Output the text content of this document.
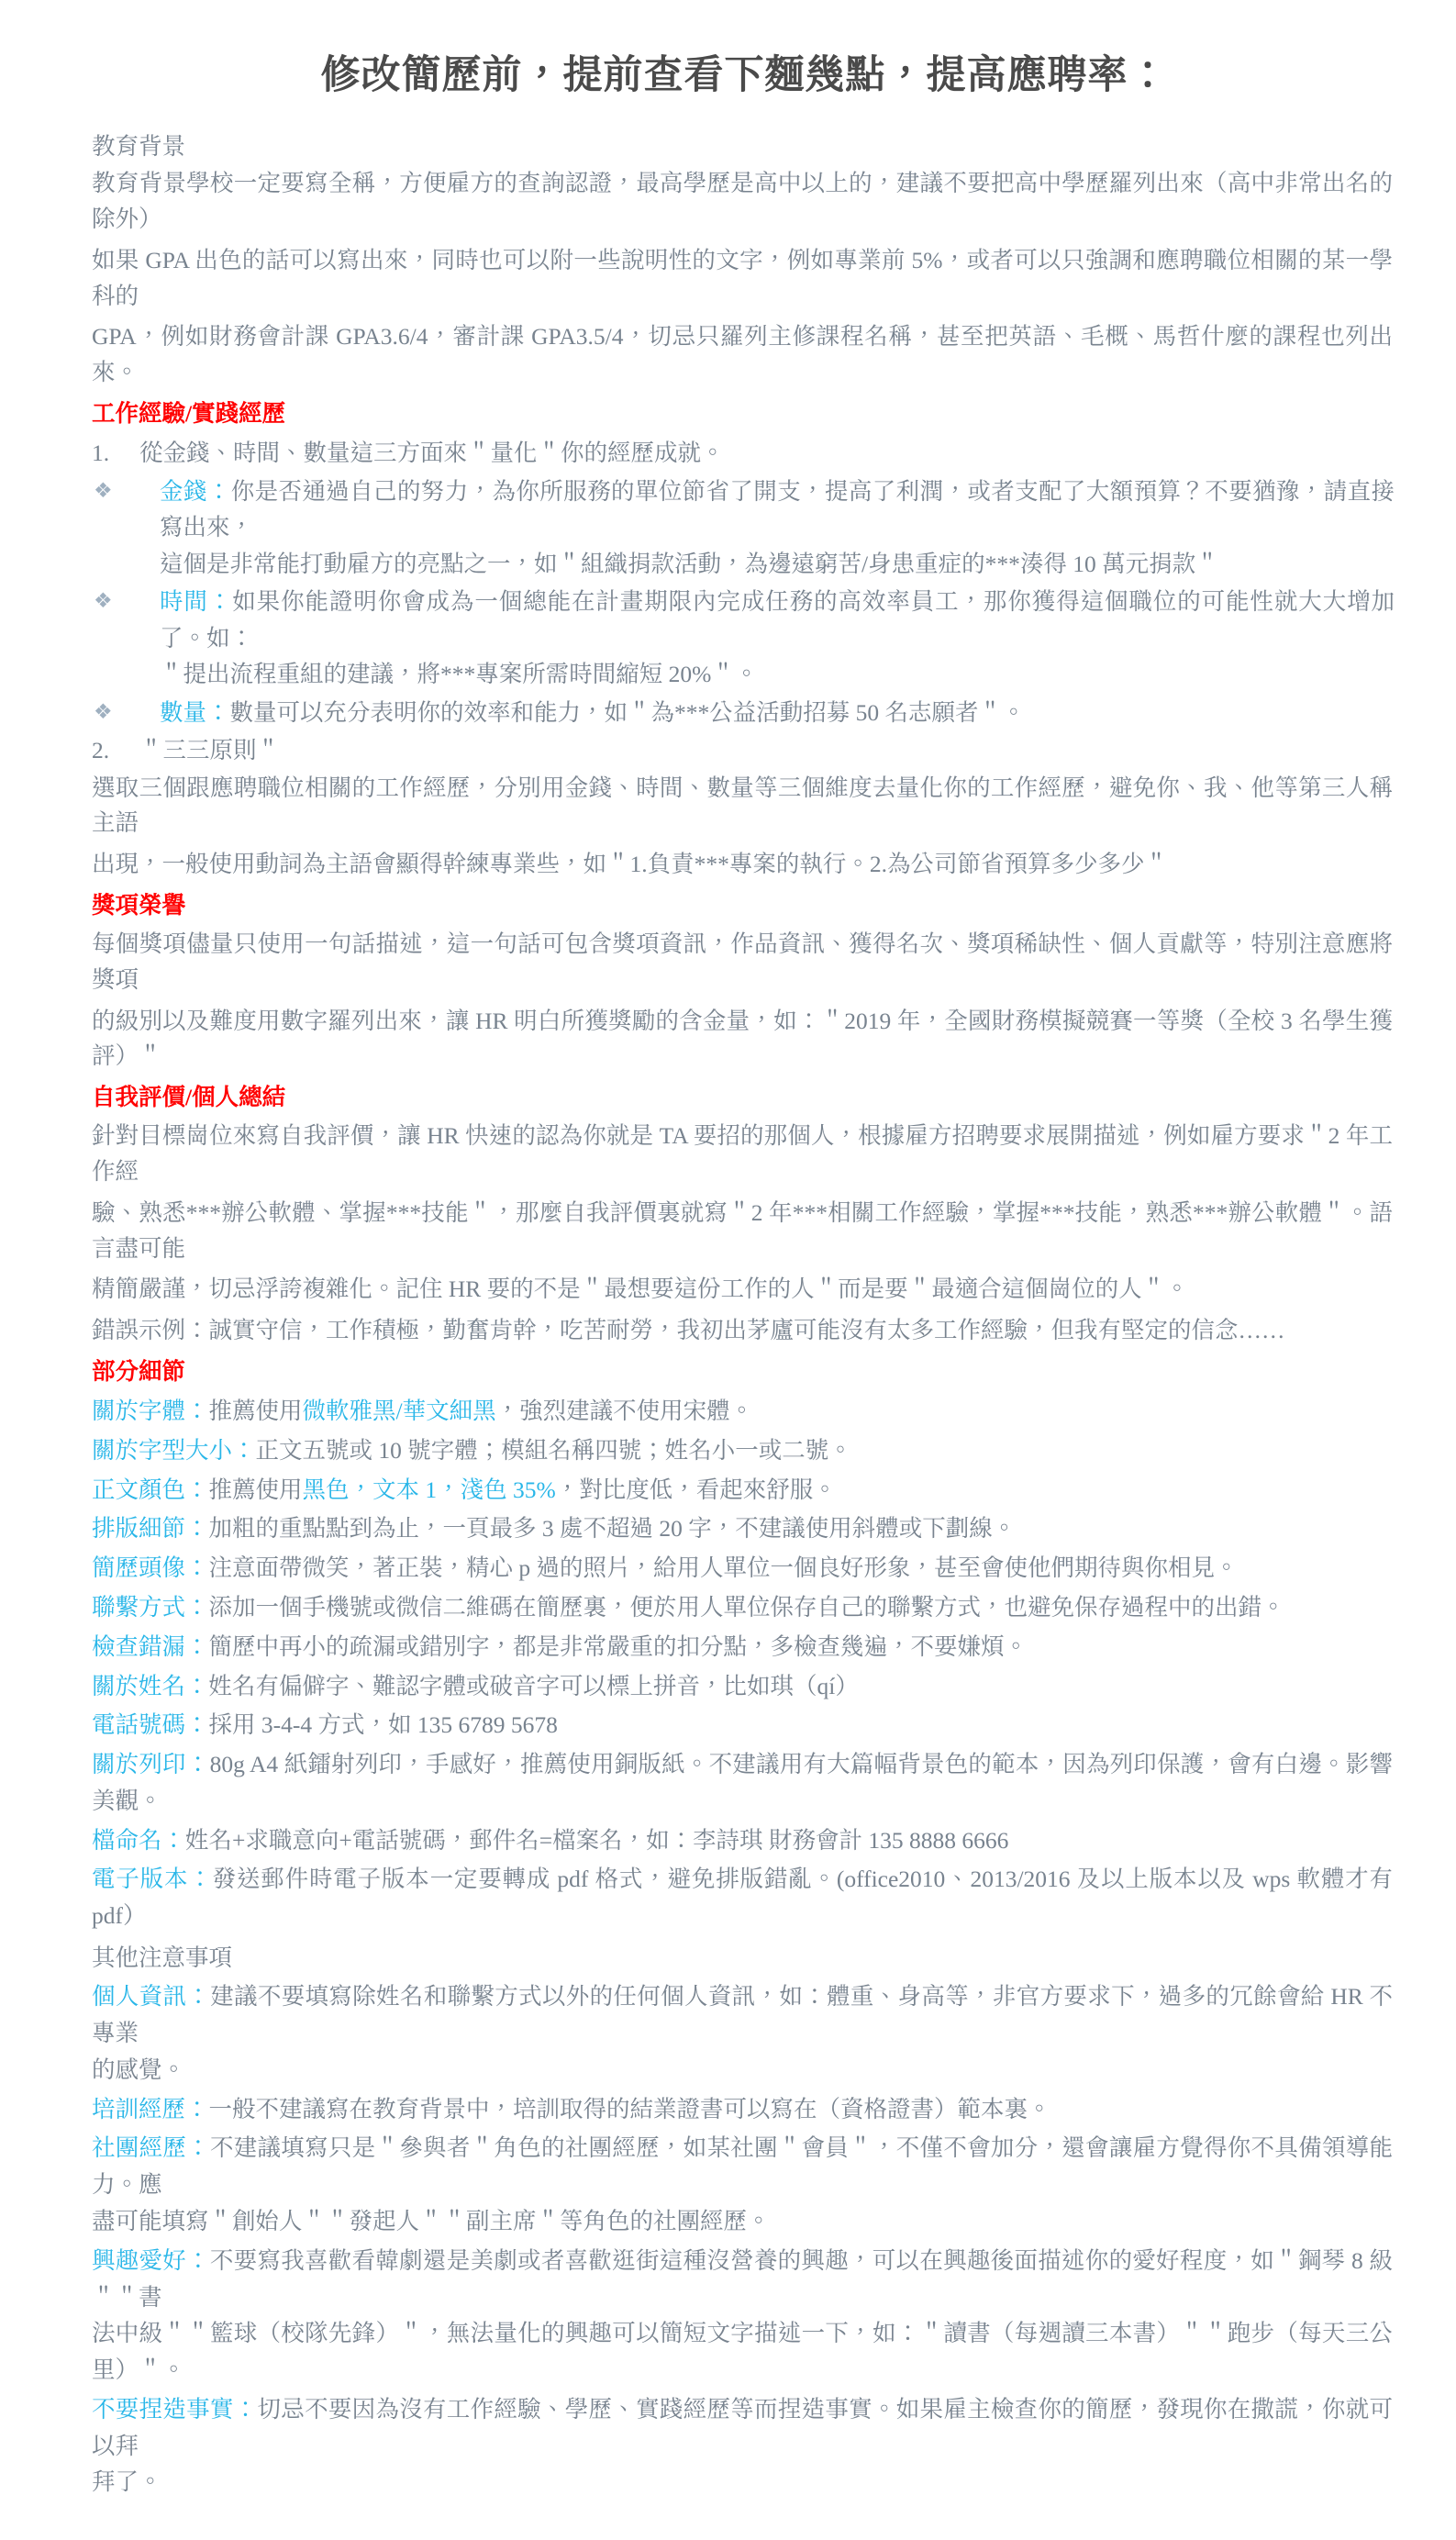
修改簡歷前，提前查看下麵幾點，提高應聘率：
教育背景

教育背景學校一定要寫全稱，方便雇方的查詢認證，最高學歷是高中以上的，建議不要把高中學歷羅列出來（高中非常出名的除外）

如果 GPA 出色的話可以寫出來，同時也可以附一些說明性的文字，例如專業前 5%，或者可以只強調和應聘職位相關的某一學科的

GPA，例如財務會計課 GPA3.6/4，審計課 GPA3.5/4，切忌只羅列主修課程名稱，甚至把英語、毛概、馬哲什麼的課程也列出來。

工作經驗/實踐經歷
1.	從金錢、時間、數量這三方面來＂量化＂你的經歷成就。
❖	金錢：你是否通過自己的努力，為你所服務的單位節省了開支，提高了利潤，或者支配了大額預算？不要猶豫，請直接寫出來，
這個是非常能打動雇方的亮點之一，如＂組織捐款活動，為邊遠窮苦/身患重症的***湊得 10 萬元捐款＂
❖	時間：如果你能證明你會成為一個總能在計畫期限內完成任務的高效率員工，那你獲得這個職位的可能性就大大增加了。如：
＂提出流程重組的建議，將***專案所需時間縮短 20%＂。
❖	數量：數量可以充分表明你的效率和能力，如＂為***公益活動招募 50 名志願者＂。
2.	＂三三原則＂

選取三個跟應聘職位相關的工作經歷，分別用金錢、時間、數量等三個維度去量化你的工作經歷，避免你、我、他等第三人稱主語

出現，一般使用動詞為主語會顯得幹練專業些，如＂1.負責***專案的執行。2.為公司節省預算多少多少＂

獎項榮譽

每個獎項儘量只使用一句話描述，這一句話可包含獎項資訊，作品資訊、獲得名次、獎項稀缺性、個人貢獻等，特別注意應將獎項

的級別以及難度用數字羅列出來，讓 HR 明白所獲獎勵的含金量，如：＂2019 年，全國財務模擬競賽一等獎（全校 3 名學生獲評）＂

自我評價/個人總結

針對目標崗位來寫自我評價，讓 HR 快速的認為你就是 TA 要招的那個人，根據雇方招聘要求展開描述，例如雇方要求＂2 年工作經

驗、熟悉***辦公軟體、掌握***技能＂，那麼自我評價裏就寫＂2 年***相關工作經驗，掌握***技能，熟悉***辦公軟體＂。語言盡可能

精簡嚴謹，切忌浮誇複雜化。記住 HR 要的不是＂最想要這份工作的人＂而是要＂最適合這個崗位的人＂。

錯誤示例：誠實守信，工作積極，勤奮肯幹，吃苦耐勞，我初出茅廬可能沒有太多工作經驗，但我有堅定的信念……

部分細節
關於字體：推薦使用微軟雅黑/華文細黑，強烈建議不使用宋體。
關於字型大小：正文五號或 10 號字體；模組名稱四號；姓名小一或二號。
正文顏色：推薦使用黑色，文本 1，淺色 35%，對比度低，看起來舒服。
排版細節：加粗的重點點到為止，一頁最多 3 處不超過 20 字，不建議使用斜體或下劃線。
簡歷頭像：注意面帶微笑，著正裝，精心 p 過的照片，給用人單位一個良好形象，甚至會使他們期待與你相見。
聯繫方式：添加一個手機號或微信二維碼在簡歷裏，便於用人單位保存自己的聯繫方式，也避免保存過程中的出錯。
檢查錯漏：簡歷中再小的疏漏或錯別字，都是非常嚴重的扣分點，多檢查幾遍，不要嫌煩。
關於姓名：姓名有偏僻字、難認字體或破音字可以標上拼音，比如琪（qí）
電話號碼：採用 3-4-4 方式，如 135 6789 5678
關於列印：80g A4 紙鐳射列印，手感好，推薦使用銅版紙。不建議用有大篇幅背景色的範本，因為列印保護，會有白邊。影響美觀。
檔命名：姓名+求職意向+電話號碼，郵件名=檔案名，如：李詩琪 財務會計 135 8888 6666
電子版本：發送郵件時電子版本一定要轉成 pdf 格式，避免排版錯亂。(office2010、2013/2016 及以上版本以及 wps 軟體才有 pdf）
其他注意事項
個人資訊：建議不要填寫除姓名和聯繫方式以外的任何個人資訊，如：體重、身高等，非官方要求下，過多的冗餘會給 HR 不專業
的感覺。
培訓經歷：一般不建議寫在教育背景中，培訓取得的結業證書可以寫在（資格證書）範本裏。
社團經歷：不建議填寫只是＂參與者＂角色的社團經歷，如某社團＂會員＂，不僅不會加分，還會讓雇方覺得你不具備領導能力。應
盡可能填寫＂創始人＂＂發起人＂＂副主席＂等角色的社團經歷。
興趣愛好：不要寫我喜歡看韓劇還是美劇或者喜歡逛街這種沒營養的興趣，可以在興趣後面描述你的愛好程度，如＂鋼琴 8 級＂＂書
法中級＂＂籃球（校隊先鋒）＂，無法量化的興趣可以簡短文字描述一下，如：＂讀書（每週讀三本書）＂＂跑步（每天三公里）＂。
不要捏造事實：切忌不要因為沒有工作經驗、學歷、實踐經歷等而捏造事實。如果雇主檢查你的簡歷，發現你在撒謊，你就可以拜
拜了。
